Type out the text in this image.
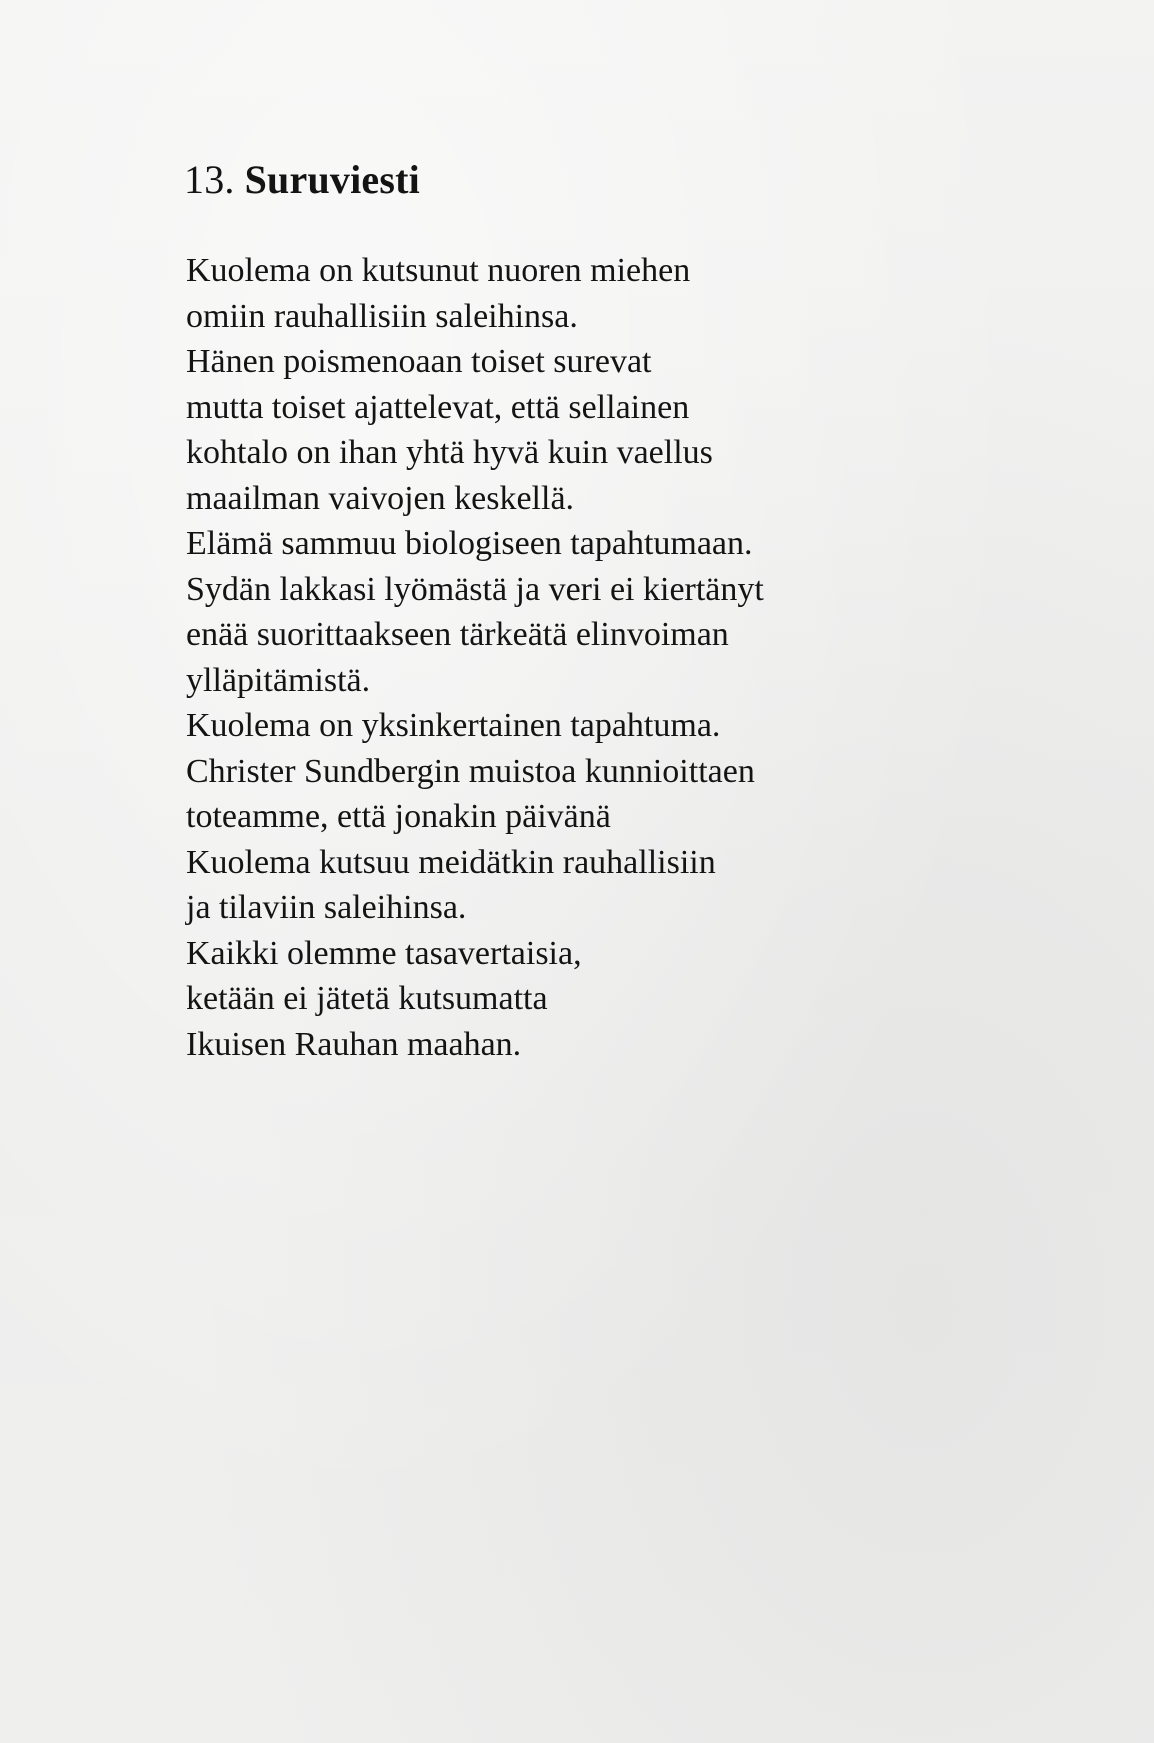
13. Suruviesti
Kuolema on kutsunut nuoren miehen
omiin rauhallisiin saleihinsa.
Hänen poismenoaan toiset surevat
mutta toiset ajattelevat, että sellainen
kohtalo on ihan yhtä hyvä kuin vaellus
maailman vaivojen keskellä.
Elämä sammuu biologiseen tapahtumaan.
Sydän lakkasi lyömästä ja veri ei kiertänyt
enää suorittaakseen tärkeätä elinvoiman
ylläpitämistä.
Kuolema on yksinkertainen tapahtuma.
Christer Sundbergin muistoa kunnioittaen
toteamme, että jonakin päivänä
Kuolema kutsuu meidätkin rauhallisiin
ja tilaviin saleihinsa.
Kaikki olemme tasavertaisia,
ketään ei jätetä kutsumatta
Ikuisen Rauhan maahan.
